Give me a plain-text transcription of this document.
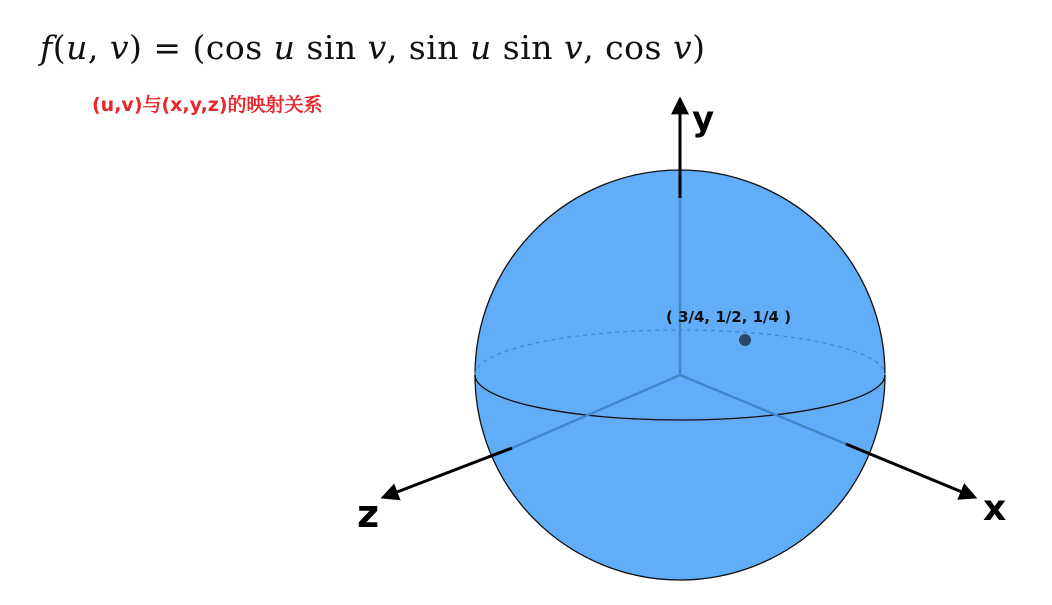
f(u, v) = (cos u sin v, sin u sin v, cos v)
(u,v)与(x,y,z)的映射关系	y
x
z
( 3/4, 1/2, 1/4 )
